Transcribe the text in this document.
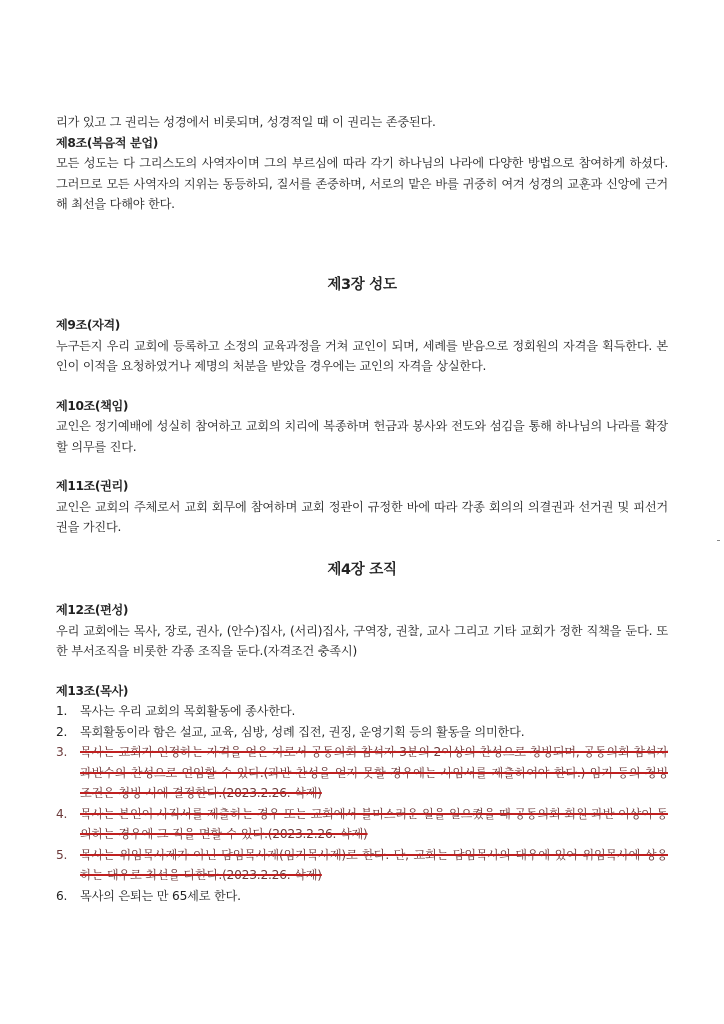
리가 있고 그 권리는 성경에서 비롯되며, 성경적일 때 이 권리는 존중된다.

제8조(복음적 분업)

모든 성도는 다 그리스도의 사역자이며 그의 부르심에 따라 각기 하나님의 나라에 다양한 방법으로 참여하게 하셨다. 그러므로 모든 사역자의 지위는 동등하되, 질서를 존중하며, 서로의 맡은 바를 귀중히 여겨 성경의 교훈과 신앙에 근거해 최선을 다해야 한다.

제3장 성도

제9조(자격)

누구든지 우리 교회에 등록하고 소정의 교육과정을 거쳐 교인이 되며, 세례를 받음으로 정회원의 자격을 획득한다. 본인이 이적을 요청하였거나 제명의 처분을 받았을 경우에는 교인의 자격을 상실한다.

제10조(책임)

교인은 정기예배에 성실히 참여하고 교회의 치리에 복종하며 헌금과 봉사와 전도와 섬김을 통해 하나님의 나라를 확장할 의무를 진다.

제11조(권리)

교인은 교회의 주체로서 교회 회무에 참여하며 교회 정관이 규정한 바에 따라 각종 회의의 의결권과 선거권 및 피선거권을 가진다.

제4장 조직

제12조(편성)

우리 교회에는 목사, 장로, 권사, (안수)집사, (서리)집사, 구역장, 권찰, 교사 그리고 기타 교회가 정한 직책을 둔다. 또한 부서조직을 비롯한 각종 조직을 둔다.(자격조건 충족시)

제13조(목사)

1. 목사는 우리 교회의 목회활동에 종사한다.
2. 목회활동이라 함은 설교, 교육, 심방, 성례 집전, 권징, 운영기획 등의 활동을 의미한다.
3. 목사는 교회가 인정하는 자격을 얻은 자로서 공동의회 참석자 3분의 2이상의 찬성으로 청빙되며, 공동의회 참석자 과반수의 찬성으로 연임할 수 있다.(과반 찬성을 얻지 못할 경우에는 사임서를 제출하여야 한다.) 임기 등의 청빙 조건은 청빙 시에 결정한다.(2023.2.26. 삭제)
4. 목사는 본인이 사직서를 제출하는 경우 또는 교회에서 불미스러운 일을 일으켰을 때 공동의회 회원 과반 이상이 동의하는 경우에 그 직을 면할 수 있다.(2023.2.26. 삭제)
5. 목사는 위임목사제가 아닌 담임목사제(임기목사제)로 한다. 단, 교회는 담임목사의 대우에 있어 위임목사에 상응하는 대우로 최선을 다한다.(2023.2.26. 삭제)
6. 목사의 은퇴는 만 65세로 한다.
